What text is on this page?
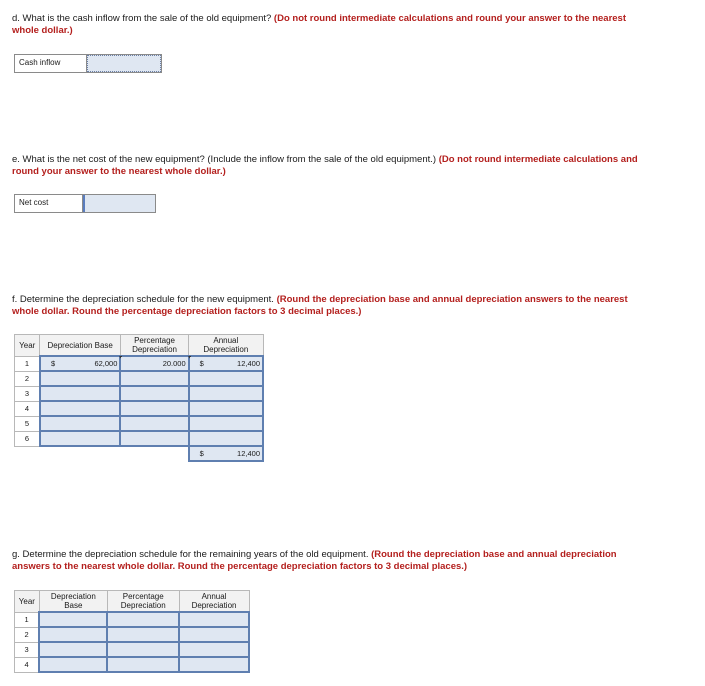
d. What is the cash inflow from the sale of the old equipment? (Do not round intermediate calculations and round your answer to the nearest whole dollar.)
Cash inflow
e. What is the net cost of the new equipment? (Include the inflow from the sale of the old equipment.) (Do not round intermediate calculations and round your answer to the nearest whole dollar.)
Net cost
f. Determine the depreciation schedule for the new equipment. (Round the depreciation base and annual depreciation answers to the nearest whole dollar. Round the percentage depreciation factors to 3 decimal places.)
Year	Depreciation Base	Percentage Depreciation	Annual Depreciation
1	$ 62,000	20.000	$ 12,400

2			
3			
4			
5			
6			

			$ 12,400
g. Determine the depreciation schedule for the remaining years of the old equipment. (Round the depreciation base and annual depreciation answers to the nearest whole dollar. Round the percentage depreciation factors to 3 decimal places.)
Year	Depreciation Base	Percentage Depreciation	Annual Depreciation
1			
2			
3			
4			
